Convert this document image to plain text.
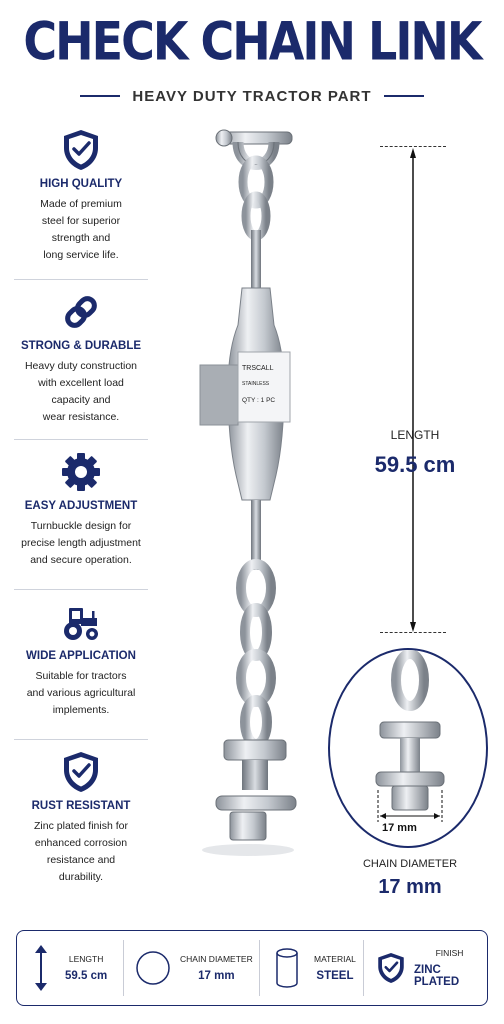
CHECK CHAIN LINK
HEAVY DUTY TRACTOR PART
HIGH QUALITY
Made of premium
steel for superior
strength and
long service life.
STRONG & DURABLE
Heavy duty construction
with excellent load
capacity and
wear resistance.
EASY ADJUSTMENT
Turnbuckle design for
precise length adjustment
and secure operation.
WIDE APPLICATION
Suitable for tractors
and various agricultural
implements.
RUST RESISTANT
Zinc plated finish for
enhanced corrosion
resistance and
durability.
TRSCALL
STAINLESS
QTY : 1 PC
LENGTH
59.5 cm
17 mm
CHAIN DIAMETER
17 mm
LENGTH
59.5 cm
CHAIN DIAMETER
17 mm
MATERIAL
STEEL
FINISH
ZINC PLATED
